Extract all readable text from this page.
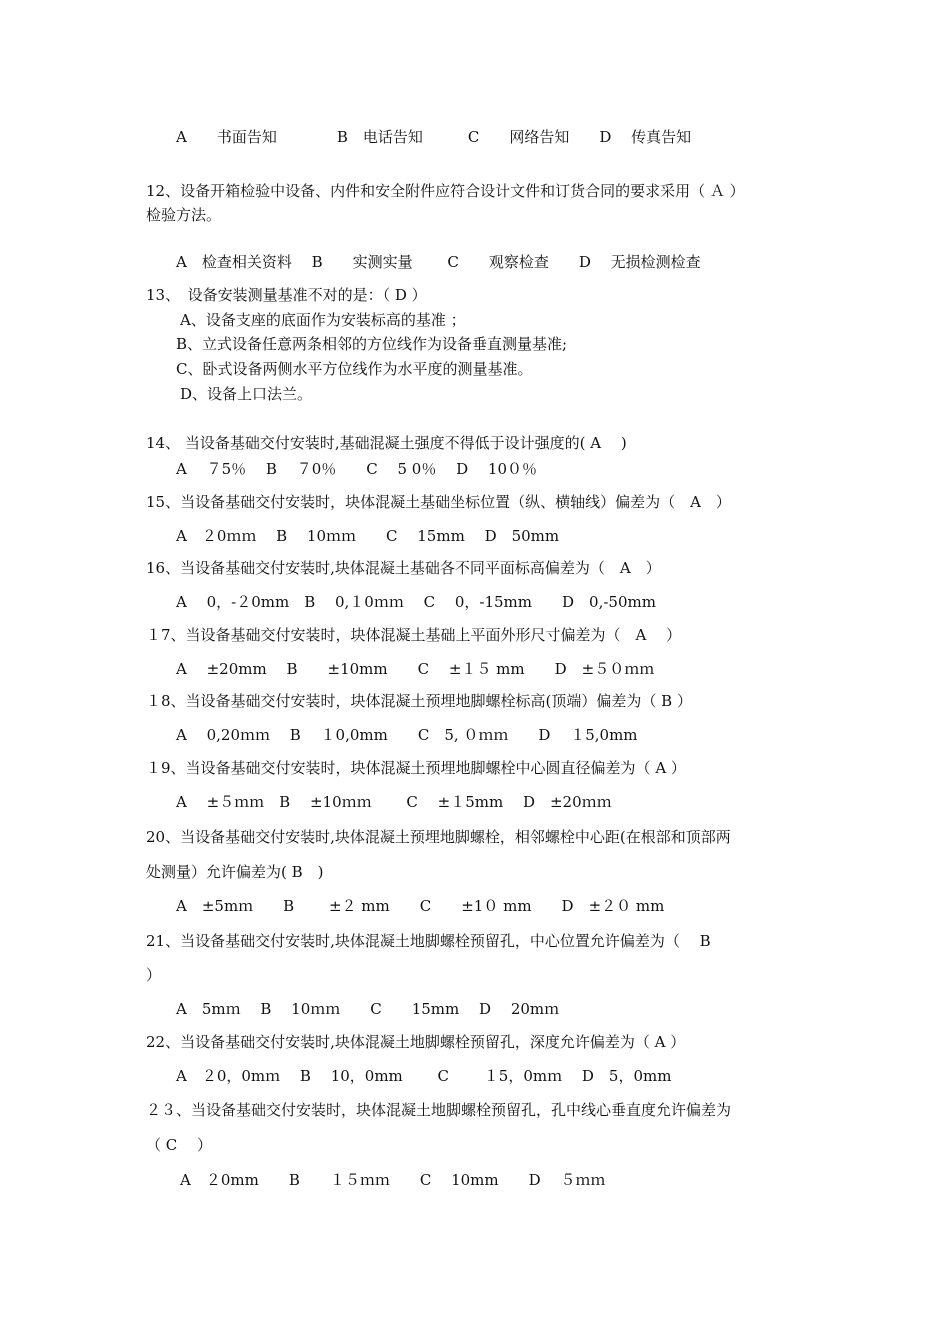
A　　书面告知　　　　B　电话告知　　　C　　网络告知　　D　 传真告知
12、设备开箱检验中设备、内件和安全附件应符合设计文件和订货合同的要求采用（ Ａ ）
检验方法。
A　检查相关资料　 B　　实测实量　　 C　　观察检查　　D　 无损检测检查
13、　设备安装测量基准不对的是：（ D ）
A、设备支座的底面作为安装标高的基准 ；
B、立式设备任意两条相邻的方位线作为设备垂直测量基准;
C、卧式设备两侧水平方位线作为水平度的测量基准。
D、设备上口法兰。
14、 当设备基础交付安装时,基础混凝土强度不得低于设计强度的( A　 )
A　 ７5％　 B　 ７0％　　C　 5 0％　 D　 10０％
15、当设备基础交付安装时，块体混凝土基础坐标位置（纵、横轴线）偏差为（　A　）
A　２0ｍｍ　 B　 10ｍｍ　　C　 15mm　 D　50mm
16、当设备基础交付安装时,块体混凝土基础各不同平面标高偏差为（　A　）
A　 0，-２0mm　B　 0,１0ｍｍ　 C　 0，-15mm　　D　0,-50mm
１7、当设备基础交付安装时，块体混凝土基础上平面外形尺寸偏差为（　A　 ）
A　 ±20mm　 B　　±10mm　　C　 ±１５ mm　　D　±５０ｍｍ
１8、当设备基础交付安装时，块体混凝土预埋地脚螺栓标高(顶端）偏差为（ B ）
A　 0,20ｍｍ　 B　 １0,0mm　　C　5, ０ｍｍ　　D　 １5,0mm
１9、当设备基础交付安装时，块体混凝土预埋地脚螺栓中心圆直径偏差为（ A ）
A　 ±５ｍｍ　B　 ±10ｍｍ　　 C　 ±１5mm　 D　±20ｍｍ
20、当设备基础交付安装时,块体混凝土预埋地脚螺栓，相邻螺栓中心距(在根部和顶部两
处测量）允许偏差为( B　)
A　±5mｍ　　B　　 ±２ mm　　C　　±1０ mm　　D　±２０ mm
21、当设备基础交付安装时,块体混凝土地脚螺栓预留孔，中心位置允许偏差为（　 B
）
A　5mｍ　 B　 10ｍｍ　　C　　15mm　 D　 20mｍ
22、当设备基础交付安装时,块体混凝土地脚螺栓预留孔，深度允许偏差为（ A ）
A　２0，0mｍ　 B　 10，0mm　　 C　　 １5，0mｍ　 D　5，0mm
２３、当设备基础交付安装时，块体混凝土地脚螺栓预留孔，孔中线心垂直度允许偏差为
（ C　 ）
A　２0mm　　B　　１５ｍｍ　　C　 10mm　　D　 ５ｍｍ
